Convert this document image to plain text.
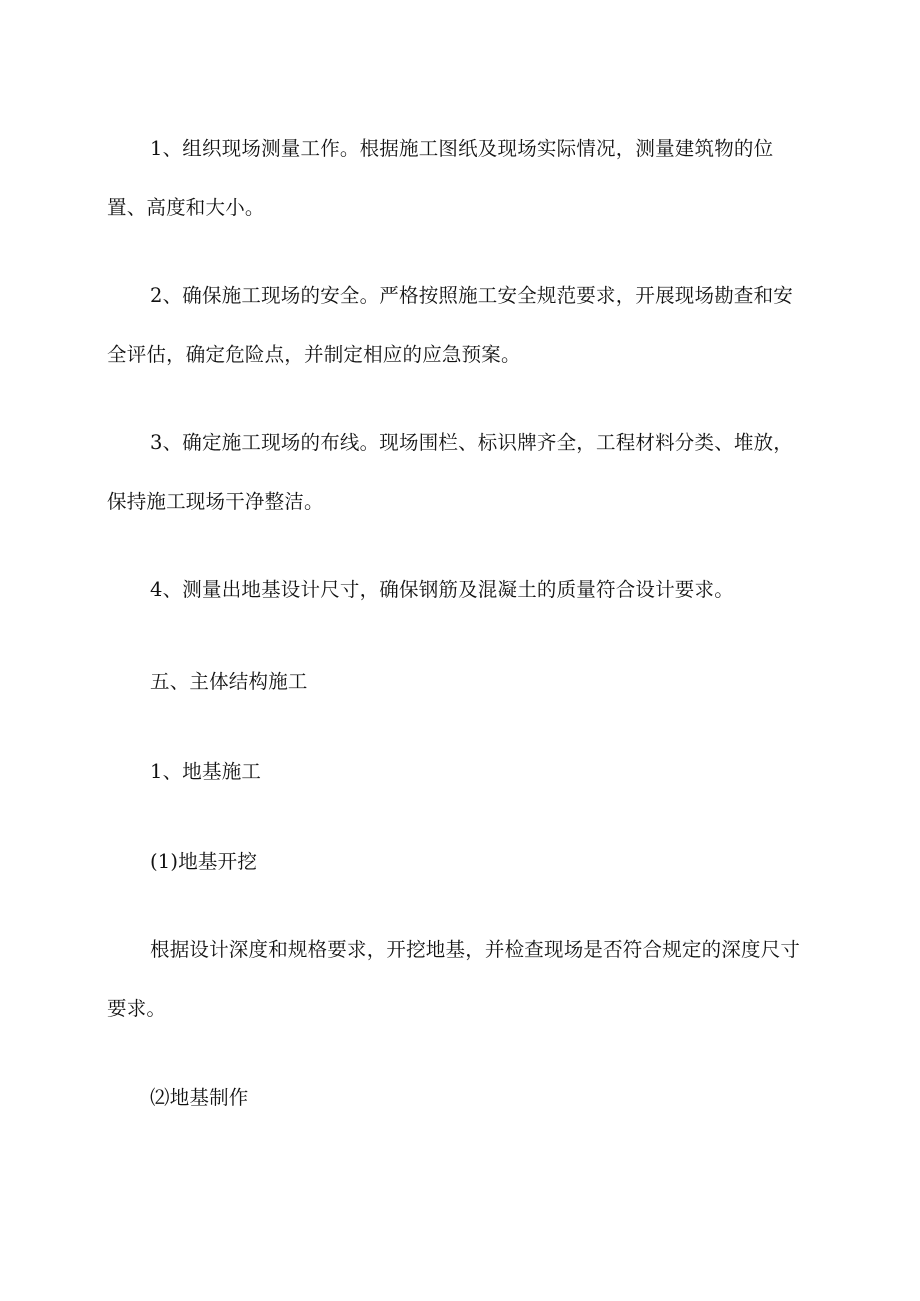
1、组织现场测量工作。根据施工图纸及现场实际情况，测量建筑物的位
置、高度和大小。
2、确保施工现场的安全。严格按照施工安全规范要求，开展现场勘查和安
全评估，确定危险点，并制定相应的应急预案。
3、确定施工现场的布线。现场围栏、标识牌齐全，工程材料分类、堆放，
保持施工现场干净整洁。
4、测量出地基设计尺寸，确保钢筋及混凝土的质量符合设计要求。
五、主体结构施工
1、地基施工
(1)地基开挖
根据设计深度和规格要求，开挖地基，并检查现场是否符合规定的深度尺寸
要求。
⑵地基制作
